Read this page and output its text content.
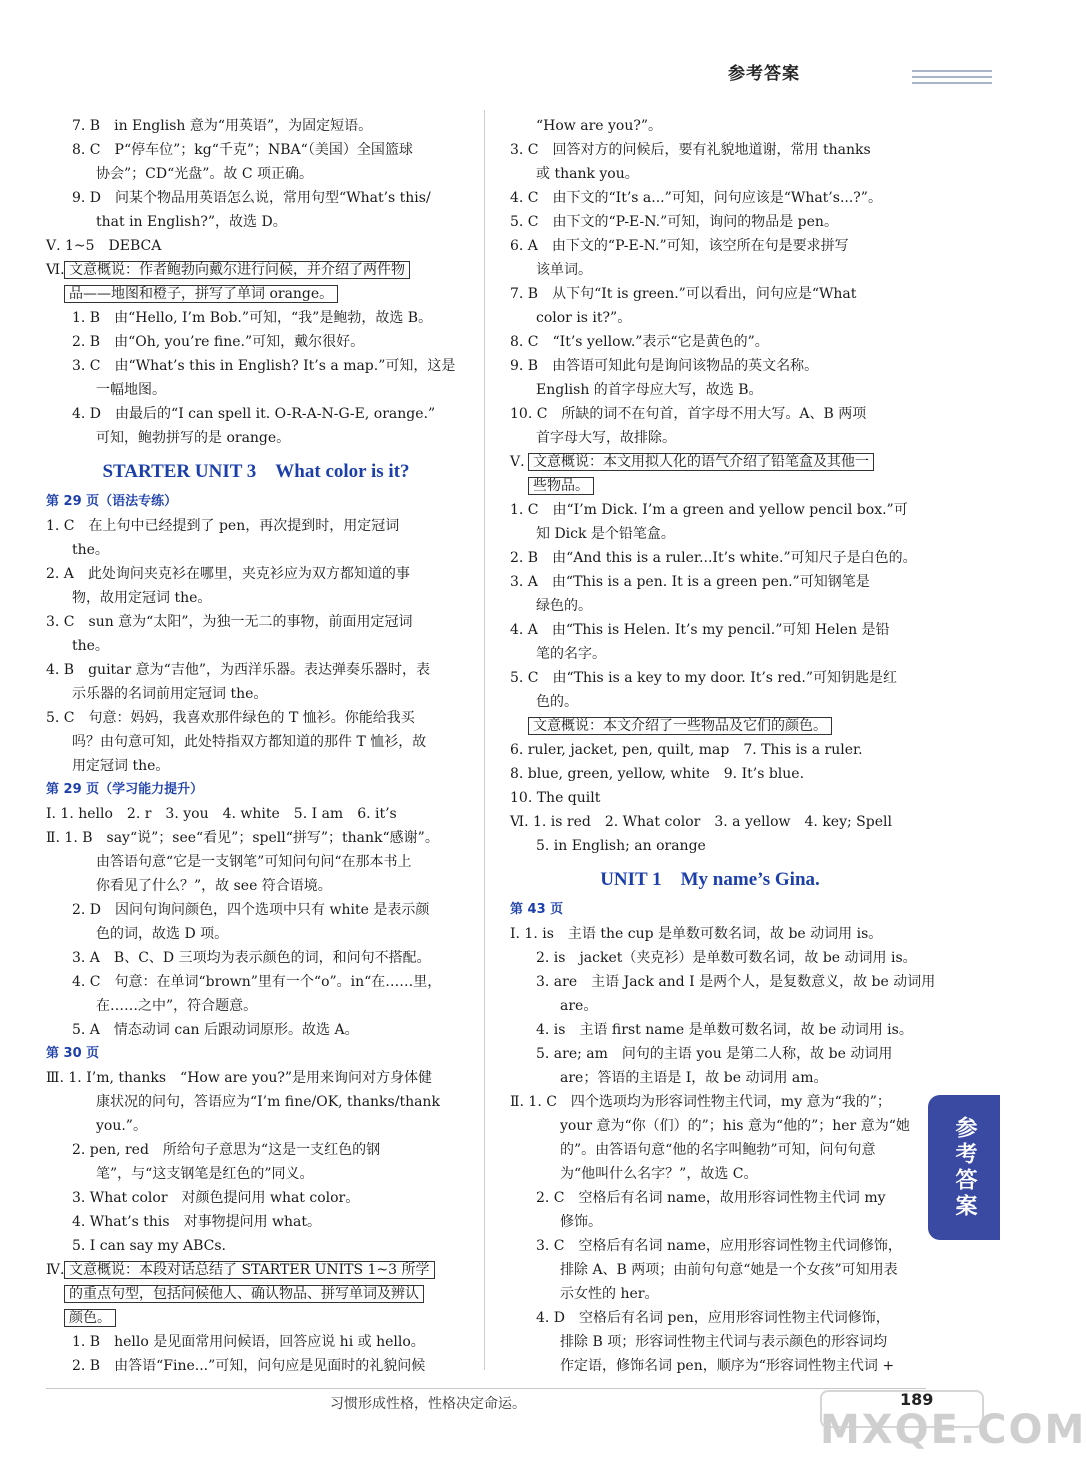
参考答案
7. B　in English 意为“用英语”，为固定短语。
8. C　P“停车位”；kg“千克”；NBA“（美国）全国篮球
协会”；CD“光盘”。故 C 项正确。
9. D　问某个物品用英语怎么说，常用句型“What’s this/
that in English?”，故选 D。
Ⅴ. 1~5　DEBCA
Ⅵ. 文意概说：作者鲍勃向戴尔进行问候，并介绍了两件物
品——地图和橙子，拼写了单词 orange。
1. B　由“Hello, I’m Bob.”可知，“我”是鲍勃，故选 B。
2. B　由“Oh, you’re fine.”可知，戴尔很好。
3. C　由“What’s this in English? It’s a map.”可知，这是
一幅地图。
4. D　由最后的“I can spell it. O-R-A-N-G-E, orange.”
可知，鲍勃拼写的是 orange。
STARTER UNIT 3　What color is it?
第 29 页（语法专练）
1. C　在上句中已经提到了 pen，再次提到时，用定冠词
the。
2. A　此处询问夹克衫在哪里，夹克衫应为双方都知道的事
物，故用定冠词 the。
3. C　sun 意为“太阳”，为独一无二的事物，前面用定冠词
the。
4. B　guitar 意为“吉他”，为西洋乐器。表达弹奏乐器时，表
示乐器的名词前用定冠词 the。
5. C　句意：妈妈，我喜欢那件绿色的 T 恤衫。你能给我买
吗？由句意可知，此处特指双方都知道的那件 T 恤衫，故
用定冠词 the。
第 29 页（学习能力提升）
Ⅰ. 1. hello　2. r　3. you　4. white　5. I am　6. it’s
Ⅱ. 1. B　say“说”；see“看见”；spell“拼写”；thank“感谢”。
由答语句意“它是一支钢笔”可知问句问“在那本书上
你看见了什么？”，故 see 符合语境。
2. D　因问句询问颜色，四个选项中只有 white 是表示颜
色的词，故选 D 项。
3. A　B、C、D 三项均为表示颜色的词，和问句不搭配。
4. C　句意：在单词“brown”里有一个“o”。in“在……里，
在……之中”，符合题意。
5. A　情态动词 can 后跟动词原形。故选 A。
第 30 页
Ⅲ. 1. I’m, thanks　“How are you?”是用来询问对方身体健
康状况的问句，答语应为“I’m fine/OK, thanks/thank
you.”。
2. pen, red　所给句子意思为“这是一支红色的钢
笔”，与“这支钢笔是红色的”同义。
3. What color　对颜色提问用 what color。
4. What’s this　对事物提问用 what。
5. I can say my ABCs.
Ⅳ. 文意概说：本段对话总结了 STARTER UNITS 1~3 所学
的重点句型，包括问候他人、确认物品、拼写单词及辨认
颜色。
1. B　hello 是见面常用问候语，回答应说 hi 或 hello。
2. B　由答语“Fine...”可知，问句应是见面时的礼貌问候
“How are you?”。
3. C　回答对方的问候后，要有礼貌地道谢，常用 thanks
或 thank you。
4. C　由下文的“It’s a...”可知，问句应该是“What’s...?”。
5. C　由下文的“P-E-N.”可知，询问的物品是 pen。
6. A　由下文的“P-E-N.”可知，该空所在句是要求拼写
该单词。
7. B　从下句“It is green.”可以看出，问句应是“What
color is it?”。
8. C　“It’s yellow.”表示“它是黄色的”。
9. B　由答语可知此句是询问该物品的英文名称。
English 的首字母应大写，故选 B。
10. C　所缺的词不在句首，首字母不用大写。A、B 两项
首字母大写，故排除。
Ⅴ. 文意概说：本文用拟人化的语气介绍了铅笔盒及其他一
些物品。
1. C　由“I’m Dick. I’m a green and yellow pencil box.”可
知 Dick 是个铅笔盒。
2. B　由“And this is a ruler...It’s white.”可知尺子是白色的。
3. A　由“This is a pen. It is a green pen.”可知钢笔是
绿色的。
4. A　由“This is Helen. It’s my pencil.”可知 Helen 是铅
笔的名字。
5. C　由“This is a key to my door. It’s red.”可知钥匙是红
色的。
文意概说：本文介绍了一些物品及它们的颜色。
6. ruler, jacket, pen, quilt, map　7. This is a ruler.
8. blue, green, yellow, white　9. It’s blue.
10. The quilt
Ⅵ. 1. is red　2. What color　3. a yellow　4. key; Spell
5. in English; an orange
UNIT 1　My name’s Gina.
第 43 页
Ⅰ. 1. is　主语 the cup 是单数可数名词，故 be 动词用 is。
2. is　jacket（夹克衫）是单数可数名词，故 be 动词用 is。
3. are　主语 Jack and I 是两个人，是复数意义，故 be 动词用
are。
4. is　主语 first name 是单数可数名词，故 be 动词用 is。
5. are; am　问句的主语 you 是第二人称，故 be 动词用
are；答语的主语是 I，故 be 动词用 am。
Ⅱ. 1. C　四个选项均为形容词性物主代词，my 意为“我的”；
your 意为“你（们）的”；his 意为“他的”；her 意为“她
的”。由答语句意“他的名字叫鲍勃”可知，问句句意
为“他叫什么名字？”，故选 C。
2. C　空格后有名词 name，故用形容词性物主代词 my
修饰。
3. C　空格后有名词 name，应用形容词性物主代词修饰，
排除 A、B 两项；由前句句意“她是一个女孩”可知用表
示女性的 her。
4. D　空格后有名词 pen，应用形容词性物主代词修饰，
排除 B 项；形容词性物主代词与表示颜色的形容词均
作定语，修饰名词 pen，顺序为“形容词性物主代词 +
参考答案
习惯形成性格，性格决定命运。	189
MXQE.COM
